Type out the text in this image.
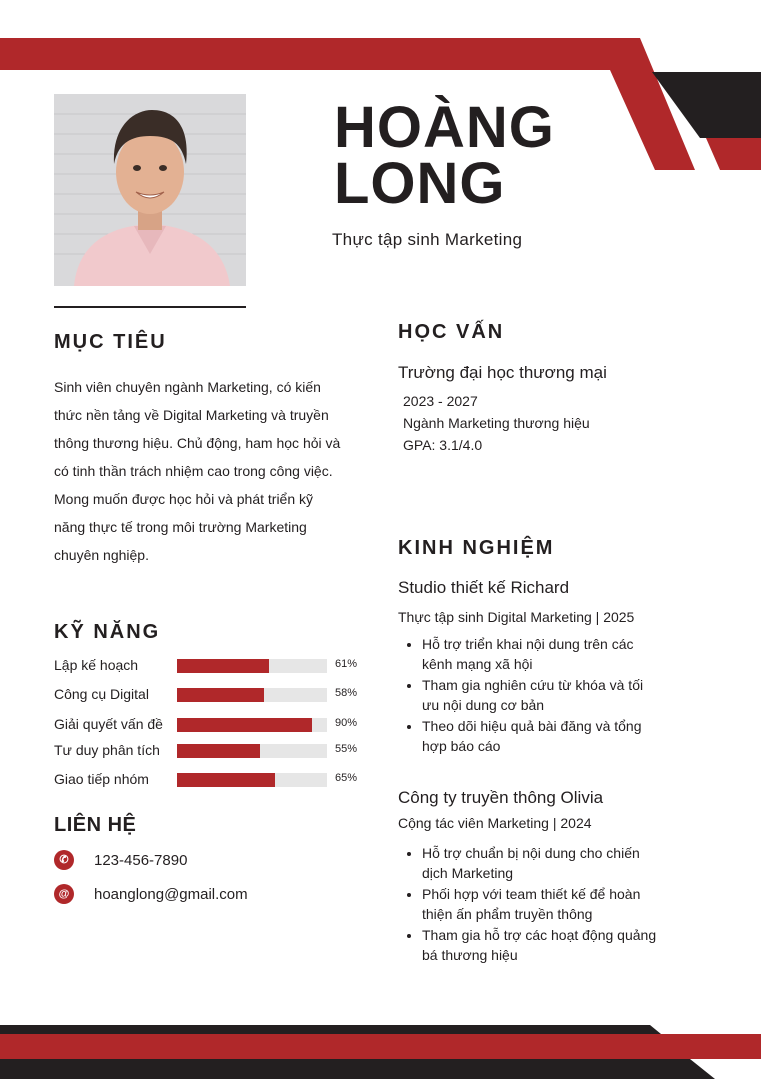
HOÀNG
LONG
Thực tập sinh Marketing
MỤC TIÊU
Sinh viên chuyên ngành Marketing, có kiến thức nền tảng về Digital Marketing và truyền thông thương hiệu. Chủ động, ham học hỏi và có tinh thần trách nhiệm cao trong công việc. Mong muốn được học hỏi và phát triển kỹ năng thực tế trong môi trường Marketing chuyên nghiệp.
KỸ NĂNG
Lập kế hoạch	61%
Công cụ Digital	58%
Giải quyết vấn đề	90%
Tư duy phân tích	55%
Giao tiếp nhóm	65%
LIÊN HỆ
✆	123-456-7890
@	hoanglong@gmail.com
HỌC VẤN
Trường đại học thương mại
2023 - 2027
Ngành Marketing thương hiệu
GPA: 3.1/4.0
KINH NGHIỆM
Studio thiết kế Richard
Thực tập sinh Digital Marketing | 2025
• Hỗ trợ triển khai nội dung trên các kênh mạng xã hội
• Tham gia nghiên cứu từ khóa và tối ưu nội dung cơ bản
• Theo dõi hiệu quả bài đăng và tổng hợp báo cáo
Công ty truyền thông Olivia
Cộng tác viên Marketing | 2024
• Hỗ trợ chuẩn bị nội dung cho chiến dịch Marketing
• Phối hợp với team thiết kế để hoàn thiện ấn phẩm truyền thông
• Tham gia hỗ trợ các hoạt động quảng bá thương hiệu
